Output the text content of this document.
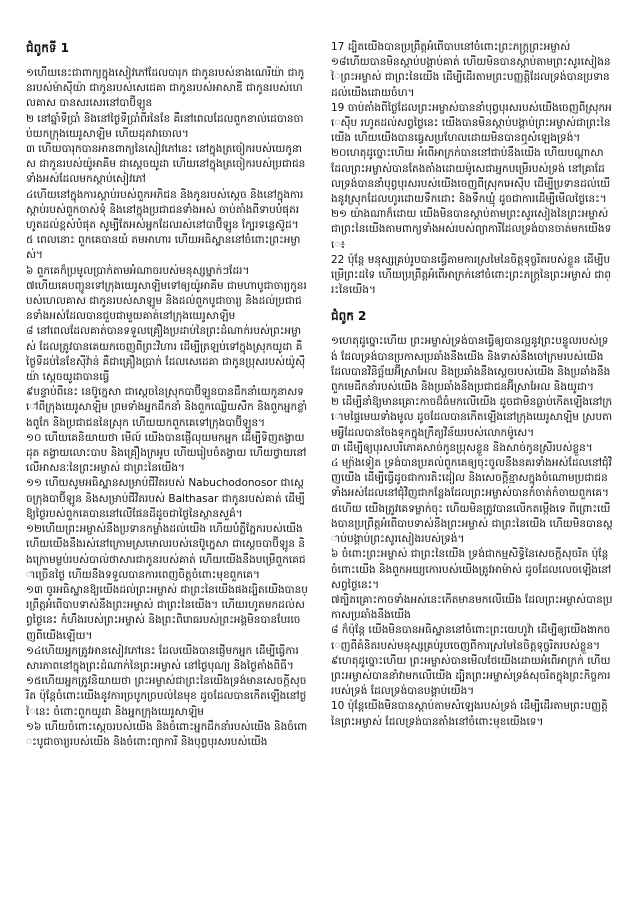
ជំពូកទី 1

១ហើយនេះជាពាក្យក្នុងសៀវភៅដែលបារុក ជាកូនរបស់នាងណេរីយ៉ា ជាកូនរបស់ម៉ាស៊ីយ៉ា ជាកូនរបស់សេដេគា ជាកូនរបស់អាសាឌី ជាកូនរបស់ហេលគាស បានសរសេរនៅបាប៊ីឡូន
២ នៅឆ្នាំទីប្រាំ និងនៅថ្ងៃទីប្រាំពីរនៃខែ គឺនៅពេលដែលពួកខាល់ដេបានចាប់យកក្រុងយេរូសាឡិម ហើយដុតវាចោល។
៣ ហើយបារុកបានអានពាក្យនៃសៀវភៅនេះ នៅក្នុងត្រចៀករបស់យេកូនាស ជាកូនរបស់យ៉ូអាគីម ជាស្ដេចយូដា ហើយនៅក្នុងត្រចៀករបស់ប្រជាជនទាំងអស់ដែលមកស្ដាប់សៀវភៅ
៤ហើយនៅក្នុងការស្តាប់របស់ពួកអភិជន និងកូនរបស់ស្តេច និងនៅក្នុងការស្តាប់របស់ពួកចាស់ទុំ និងនៅក្នុងប្រជាជនទាំងអស់ ចាប់តាំងពីទាបបំផុតរហូតដល់ខ្ពស់បំផុត សូម្បីតែអស់អ្នកដែលរស់នៅបាប៊ីឡូន ក្បែរទន្លេស៊ូដ។
៥ ពេលនោះ ពួកគេបានយំ តមអាហារ ហើយអធិស្ឋាននៅចំពោះព្រះអម្ចាស់។
៦ ពួកគេក៏ប្រមូលប្រាក់តាមអំណាចរបស់មនុស្សម្នាក់ៗដែរ។
៧ហើយគេបញ្ជូនទៅក្រុងយេរូសាឡិមទៅឲ្យយ៉ូអាគីម ជាមហាបូជាចារ្យកូនរបស់ហេលគាស ជាកូនរបស់សាឡូម និងដល់ពួកបូជាចារ្យ និងដល់ប្រជាជនទាំងអស់ដែលបានជួបជាមួយគាត់នៅក្រុងយេរូសាឡិម
៨ នៅពេលដែលគាត់បានទទួលគ្រឿងប្រដាប់នៃព្រះដំណាក់របស់ព្រះអម្ចាស់ ដែលត្រូវបានគេយកចេញពីព្រះវិហារ ដើម្បីត្រឡប់ទៅក្នុងស្រុកយូដា គឺថ្ងៃទីដប់នៃខែស៊ីវ៉ាន់ គឺជាគ្រឿងប្រាក់ ដែលសេដេគា ជាកូនប្រុសរបស់យ៉ូស៊ីយ៉ា ស្ដេចយូដាបានធ្វើ
៩បន្ទាប់ពីនេះ នេប៊ូក្នេសា ជាស្ដេចនៃស្រុកបាប៊ីឡូនបានដឹកនាំយេកូនាសទៅពីក្រុងយេរូសាឡិម ព្រមទាំងអ្នកដឹកនាំ និងពួកឈ្លើយសឹក និងពួកអ្នកខ្លាំងពូកែ និងប្រជាជននៃស្រុក ហើយយកពួកគេទៅក្រុងបាប៊ីឡូន។
១០ ហើយគេនិយាយថា មើល៍ យើងបានផ្ញើលុយមកអ្នក ដើម្បីទិញតង្វាយដុត តង្វាយលោះបាប និងគ្រឿងក្រអូប ហើយរៀបចំតង្វាយ ហើយថ្វាយនៅលើអាសនៈនៃព្រះអម្ចាស់ ជាព្រះនៃយើង។
១១ ហើយសូមអធិស្ឋានសម្រាប់ជីវិតរបស់ Nabuchodonosor ជាស្ដេចក្រុងបាប៊ីឡូន និងសម្រាប់ជីវិតរបស់ Balthasar ជាកូនរបស់គាត់ ដើម្បីឱ្យថ្ងៃរបស់ពួកគេបាននៅលើផែនដីដូចជាថ្ងៃនៃស្ថានសួគ៌។
១២ហើយព្រះអម្ចាស់នឹងប្រទានកម្លាំងដល់យើង ហើយបំភ្លឺភ្នែករបស់យើង ហើយយើងនឹងរស់នៅក្រោមស្រមោលរបស់នេប៊ូក្នេសា ជាស្ដេចបាប៊ីឡូន និងក្រោមម្លប់របស់បាល់ថាសារជាកូនរបស់គាត់ ហើយយើងនឹងបម្រើពួកគេជាច្រើនថ្ងៃ ហើយនឹងទទួលបានការពេញចិត្តចំពោះមុខពួកគេ។
១៣ ចូរអធិស្ឋានឱ្យយើងដល់ព្រះអម្ចាស់ ជាព្រះនៃយើងផងដ្បិតយើងបានប្រព្រឹត្តអំពើបាបទាស់នឹងព្រះអម្ចាស់ ជាព្រះនៃយើង។ ហើយរហូតមកដល់សព្វថ្ងៃនេះ កំហឹងរបស់ព្រះអម្ចាស់ និងព្រះពិរោធរបស់ព្រះអង្គមិនបានបែរចេញពីយើងឡើយ។
១៤ហើយអ្នកត្រូវអានសៀវភៅនេះ ដែលយើងបានផ្ញើមកអ្នក ដើម្បីធ្វើការសារភាពនៅក្នុងព្រះដំណាក់នៃព្រះអម្ចាស់ នៅថ្ងៃបុណ្យ និងថ្ងៃតាំងពិធី។
១៥ហើយអ្នកត្រូវនិយាយថា ព្រះអម្ចាស់ជាព្រះនៃយើងទ្រង់មានសេចក្តីសុចរិត ប៉ុន្តែចំពោះយើងនូវការច្របូកច្របល់នៃមុខ ដូចដែលបានកើតឡើងនៅថ្ងៃនេះ ចំពោះពួកយូដា និងអ្នកក្រុងយេរូសាឡិម
១៦ ហើយចំពោះស្តេចរបស់យើង និងចំពោះអ្នកដឹកនាំរបស់យើង និងចំពោះបូជាចារ្យរបស់យើង និងចំពោះព្យាការី និងបុព្វបុរសរបស់យើង

17 ដ្បិតយើងបានប្រព្រឹត្តអំពើបាបនៅចំពោះព្រះភក្ត្រព្រះអម្ចាស់
១៨ហើយបានមិនស្តាប់បង្គាប់គាត់ ហើយមិនបានស្តាប់តាមព្រះសូរសៀងនៃព្រះអម្ចាស់ ជាព្រះនៃយើង ដើម្បីដើរតាមព្រះបញ្ញត្តិដែលទ្រង់បានប្រទានដល់យើងដោយចំហ។
19 ចាប់តាំងពីថ្ងៃដែលព្រះអម្ចាស់បាននាំបុព្វបុរសរបស់យើងចេញពីស្រុកអេស៊ីប រហូតដល់សព្វថ្ងៃនេះ យើងបានមិនស្តាប់បង្គាប់ព្រះអម្ចាស់ជាព្រះនៃយើង ហើយយើងបានធ្វេសប្រហែលដោយមិនបានឮសំឡេងទ្រង់។
២០ហេតុដូច្នោះហើយ អំពើអាក្រក់បាននៅជាប់នឹងយើង ហើយបណ្តាសា ដែលព្រះអម្ចាស់បានតែងតាំងដោយម៉ូសេជាអ្នកបម្រើរបស់ទ្រង់ នៅគ្រាដែលទ្រង់បាននាំបុព្វបុរសរបស់យើងចេញពីស្រុកអេស៊ីប ដើម្បីប្រទានដល់យើងនូវស្រុកដែលហូរដោយទឹកដោះ និងទឹកឃ្មុំ ដូចជាការដើម្បីមើលថ្ងៃនេះ។
២១ យ៉ាងណាក៏ដោយ យើងមិនបានស្តាប់តាមព្រះសូរសៀងនៃព្រះអម្ចាស់ជាព្រះនៃយើងតាមពាក្យទាំងអស់របស់ព្យាការីដែលទ្រង់បានចាត់មកយើងទេ៖
22 ប៉ុន្តែ មនុស្សគ្រប់រូបបានធ្វើតាមការស្រមៃនៃចិត្តទុច្ចរិតរបស់ខ្លួន ដើម្បីបម្រើព្រះដទៃ ហើយប្រព្រឹត្តអំពើអាក្រក់នៅចំពោះព្រះភក្ត្រនៃព្រះអម្ចាស់ ជាព្រះនៃយើង។

ជំពូក 2

១ហេតុដូច្នោះហើយ ព្រះអម្ចាស់ទ្រង់បានធ្វើឲ្យបានល្អនូវព្រះបន្ទូលរបស់ទ្រង់ ដែលទ្រង់បានប្រកាសប្រឆាំងនឹងយើង និងទាស់នឹងចៅក្រមរបស់យើង ដែលបានវិនិច្ឆ័យអ៊ីស្រាអែល និងប្រឆាំងនឹងស្ដេចរបស់យើង និងប្រឆាំងនឹងពួកមេដឹកនាំរបស់យើង និងប្រឆាំងនឹងប្រជាជនអ៊ីស្រាអែល និងយូដា។
២ ដើម្បីនាំឱ្យមានគ្រោះកាចដ៏ធំមកលើយើង ដូចជាមិនធ្លាប់កើតឡើងនៅក្រោមផ្ទៃមេឃទាំងមូល ដូចដែលបានកើតឡើងនៅក្រុងយេរូសាឡិម ស្របតាមអ្វីដែលបានចែងទុកក្នុងក្រឹត្យវិន័យរបស់លោកម៉ូសេ។
៣ ដើម្បីឲ្យបុរសបរិភោគសាច់កូនប្រុសខ្លួន និងសាច់កូនស្រីរបស់ខ្លួន។
៤ ម្យ៉ាងទៀត ទ្រង់បានប្រគល់ពួកគេឲ្យចុះចូលនឹងនគរទាំងអស់ដែលនៅជុំវិញយើង ដើម្បីធ្វើដូចជាការតិះដៀល និងសេចក្តីខ្មាសក្នុងចំណោមប្រជាជនទាំងអស់ដែលនៅជុំវិញជាកន្លែងដែលព្រះអម្ចាស់បានកំចាត់កំចាយពួកគេ។
៥ហើយ យើងត្រូវគេទម្លាក់ចុះ ហើយមិនត្រូវបានលើកតម្កើងទេ ពីព្រោះយើងបានប្រព្រឹត្តអំពើបាបទាស់នឹងព្រះអម្ចាស់ ជាព្រះនៃយើង ហើយមិនបានស្តាប់បង្គាប់ព្រះសូរសៀងរបស់ទ្រង់។
៦ ចំពោះព្រះអម្ចាស់ ជាព្រះនៃយើង ទ្រង់ជាកម្មសិទ្ធិនៃសេចក្ដីសុចរិត ប៉ុន្តែចំពោះយើង និងពួកអយ្យកោរបស់យើងត្រូវអាម៉ាស់ ដូចដែលលេចឡើងនៅសព្វថ្ងៃនេះ។
៧ត្បិតគ្រោះកាចទាំងអស់នេះកើតមានមកលើយើង ដែលព្រះអម្ចាស់បានប្រកាសប្រឆាំងនឹងយើង
៨ ក៏ប៉ុន្តែ យើងមិនបានអធិស្ឋាននៅចំពោះព្រះយេហូវ៉ា ដើម្បីឲ្យយើងងាកចេញពីគំនិតរបស់មនុស្សគ្រប់រូបចេញពីការស្រមៃនៃចិត្តទុច្ចរិតរបស់ខ្លួន។
៩ហេតុដូច្នោះហើយ ព្រះអម្ចាស់បានមើលថែយើងដោយអំពើអាក្រក់ ហើយព្រះអម្ចាស់បាននាំវាមកលើយើង ដ្បិតព្រះអម្ចាស់ទ្រង់សុចរិតក្នុងព្រះកិច្ចការរបស់ទ្រង់ ដែលទ្រង់បានបង្គាប់យើង។
10 ប៉ុន្តែយើងមិនបានស្តាប់តាមសំឡេងរបស់ទ្រង់ ដើម្បីដើរតាមព្រះបញ្ញត្តិនៃព្រះអម្ចាស់ ដែលទ្រង់បានតាំងនៅចំពោះមុខយើងទេ។
